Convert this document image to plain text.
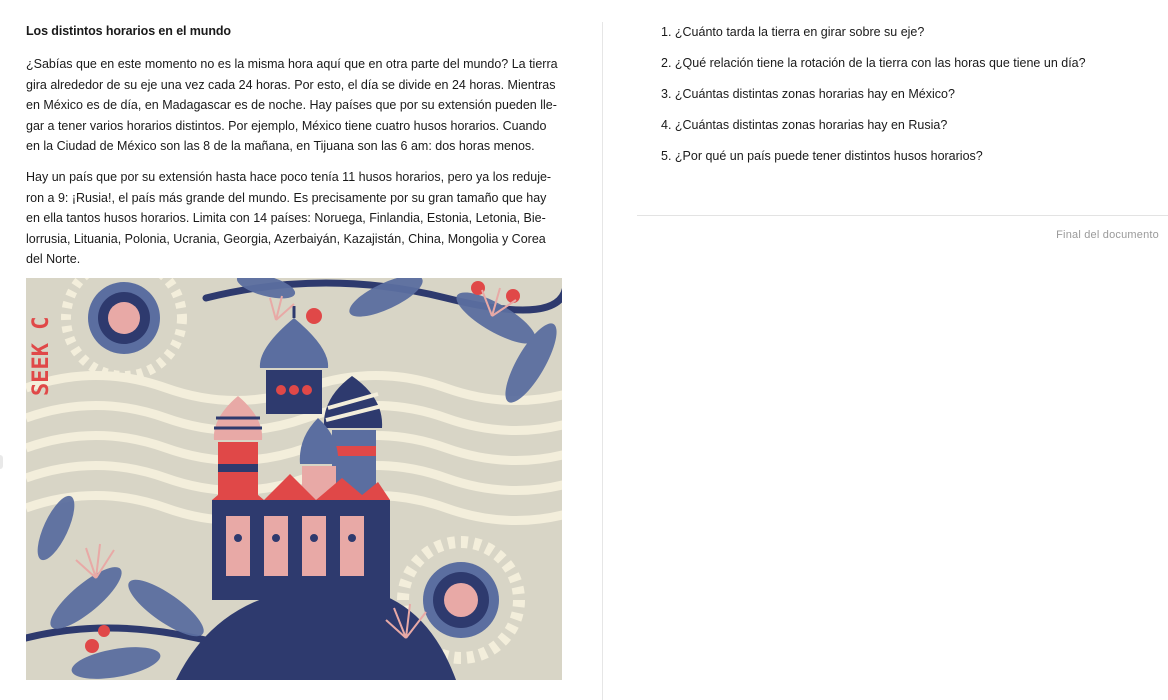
Los distintos horarios en el mundo
¿Sabías que en este momento no es la misma hora aquí que en otra parte del mundo? La tierra
gira alrededor de su eje una vez cada 24 horas. Por esto, el día se divide en 24 horas. Mientras
en México es de día, en Madagascar es de noche. Hay países que por su extensión pueden lle-
gar a tener varios horarios distintos. Por ejemplo, México tiene cuatro husos horarios. Cuando
en la Ciudad de México son las 8 de la mañana, en Tijuana son las 6 am: dos horas menos.
Hay un país que por su extensión hasta hace poco tenía 11 husos horarios, pero ya los reduje-
ron a 9: ¡Rusia!, el país más grande del mundo. Es precisamente por su gran tamaño que hay
en ella tantos husos horarios. Limita con 14 países: Noruega, Finlandia, Estonia, Letonia, Bie-
lorrusia, Lituania, Polonia, Ucrania, Georgia, Azerbaiyán, Kazajistán, China, Mongolia y Corea
del Norte.
SEEK C
1. ¿Cuánto tarda la tierra en girar sobre su eje?
2. ¿Qué relación tiene la rotación de la tierra con las horas que tiene un día?
3. ¿Cuántas distintas zonas horarias hay en México?
4. ¿Cuántas distintas zonas horarias hay en Rusia?
5. ¿Por qué un país puede tener distintos husos horarios?
Final del documento
